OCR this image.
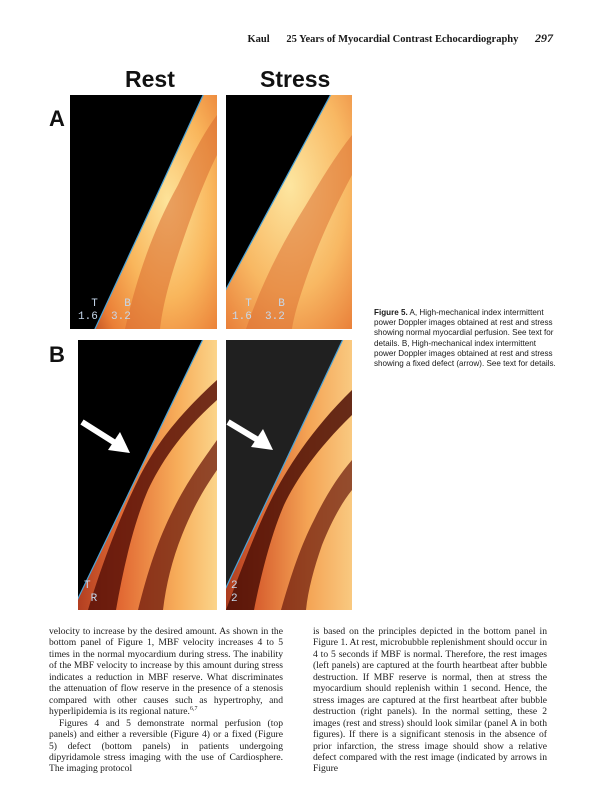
Kaul 25 Years of Myocardial Contrast Echocardiography 297
Rest	Stress
A
B
T    B
1.6  3.2
T    B
1.6  3.2
T
R
2
2
Figure 5. A, High-mechanical index intermittent power Doppler images obtained at rest and stress showing normal myocardial perfusion. See text for details. B, High-mechanical index intermittent power Doppler images obtained at rest and stress showing a fixed defect (arrow). See text for details.

velocity to increase by the desired amount. As shown in the bottom panel of Figure 1, MBF velocity increases 4 to 5 times in the normal myocardium during stress. The inability of the MBF velocity to increase by this amount during stress indicates a reduction in MBF reserve. What discriminates the attenuation of flow reserve in the presence of a stenosis compared with other causes such as hypertrophy, and hyperlipidemia is its regional nature.$^{6,7}$

Figures 4 and 5 demonstrate normal perfusion (top panels) and either a reversible (Figure 4) or a fixed (Figure 5) defect (bottom panels) in patients undergoing dipyridamole stress imaging with the use of Cardiosphere. The imaging protocol

is based on the principles depicted in the bottom panel in Figure 1. At rest, microbubble replenishment should occur in 4 to 5 seconds if MBF is normal. Therefore, the rest images (left panels) are captured at the fourth heartbeat after bubble destruction. If MBF reserve is normal, then at stress the myocardium should replenish within 1 second. Hence, the stress images are captured at the first heartbeat after bubble destruction (right panels). In the normal setting, these 2 images (rest and stress) should look similar (panel A in both figures). If there is a significant stenosis in the absence of prior infarction, the stress image should show a relative defect compared with the rest image (indicated by arrows in Figure
